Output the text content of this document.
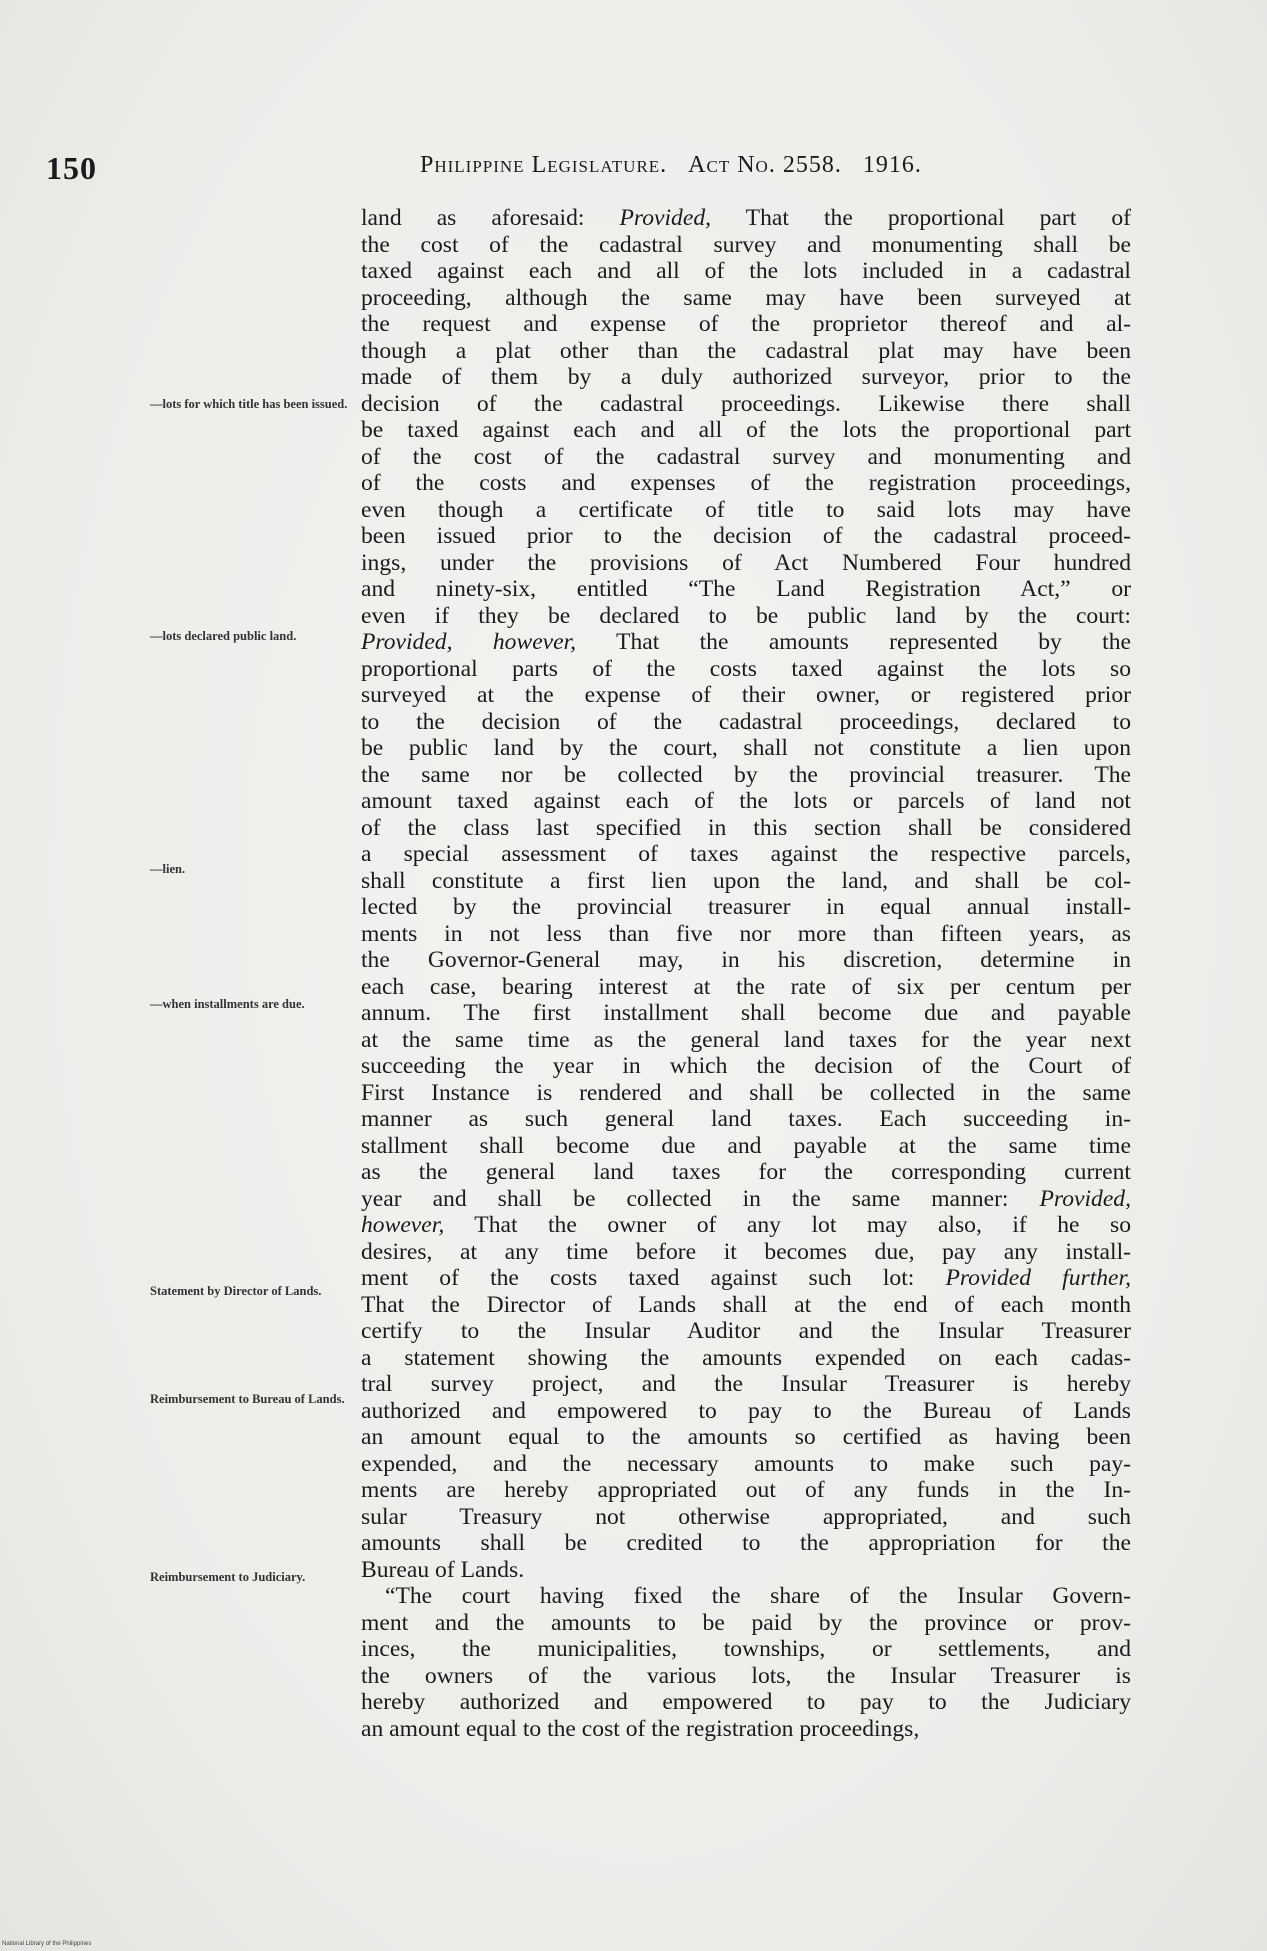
150	Philippine Legislature. Act No. 2558. 1916.
—lots for which title has been issued.
—lots declared public land.
—lien.
—when installments are due.
Statement by Director of Lands.
Reimbursement to Bureau of Lands.
Reimbursement to Judiciary.
land as aforesaid: Provided, That the proportional part of
the cost of the cadastral survey and monumenting shall be
taxed against each and all of the lots included in a cadastral
proceeding, although the same may have been surveyed at
the request and expense of the proprietor thereof and al-
though a plat other than the cadastral plat may have been
made of them by a duly authorized surveyor, prior to the
decision of the cadastral proceedings. Likewise there shall
be taxed against each and all of the lots the proportional part
of the cost of the cadastral survey and monumenting and
of the costs and expenses of the registration proceedings,
even though a certificate of title to said lots may have
been issued prior to the decision of the cadastral proceed-
ings, under the provisions of Act Numbered Four hundred
and ninety-six, entitled “The Land Registration Act,” or
even if they be declared to be public land by the court:
Provided, however, That the amounts represented by the
proportional parts of the costs taxed against the lots so
surveyed at the expense of their owner, or registered prior
to the decision of the cadastral proceedings, declared to
be public land by the court, shall not constitute a lien upon
the same nor be collected by the provincial treasurer. The
amount taxed against each of the lots or parcels of land not
of the class last specified in this section shall be considered
a special assessment of taxes against the respective parcels,
shall constitute a first lien upon the land, and shall be col-
lected by the provincial treasurer in equal annual install-
ments in not less than five nor more than fifteen years, as
the Governor-General may, in his discretion, determine in
each case, bearing interest at the rate of six per centum per
annum. The first installment shall become due and payable
at the same time as the general land taxes for the year next
succeeding the year in which the decision of the Court of
First Instance is rendered and shall be collected in the same
manner as such general land taxes. Each succeeding in-
stallment shall become due and payable at the same time
as the general land taxes for the corresponding current
year and shall be collected in the same manner: Provided,
however, That the owner of any lot may also, if he so
desires, at any time before it becomes due, pay any install-
ment of the costs taxed against such lot: Provided further,
That the Director of Lands shall at the end of each month
certify to the Insular Auditor and the Insular Treasurer
a statement showing the amounts expended on each cadas-
tral survey project, and the Insular Treasurer is hereby
authorized and empowered to pay to the Bureau of Lands
an amount equal to the amounts so certified as having been
expended, and the necessary amounts to make such pay-
ments are hereby appropriated out of any funds in the In-
sular Treasury not otherwise appropriated, and such
amounts shall be credited to the appropriation for the
Bureau of Lands.
“The court having fixed the share of the Insular Govern-
ment and the amounts to be paid by the province or prov-
inces, the municipalities, townships, or settlements, and
the owners of the various lots, the Insular Treasurer is
hereby authorized and empowered to pay to the Judiciary
an amount equal to the cost of the registration proceedings,
National Library of the Philippines
